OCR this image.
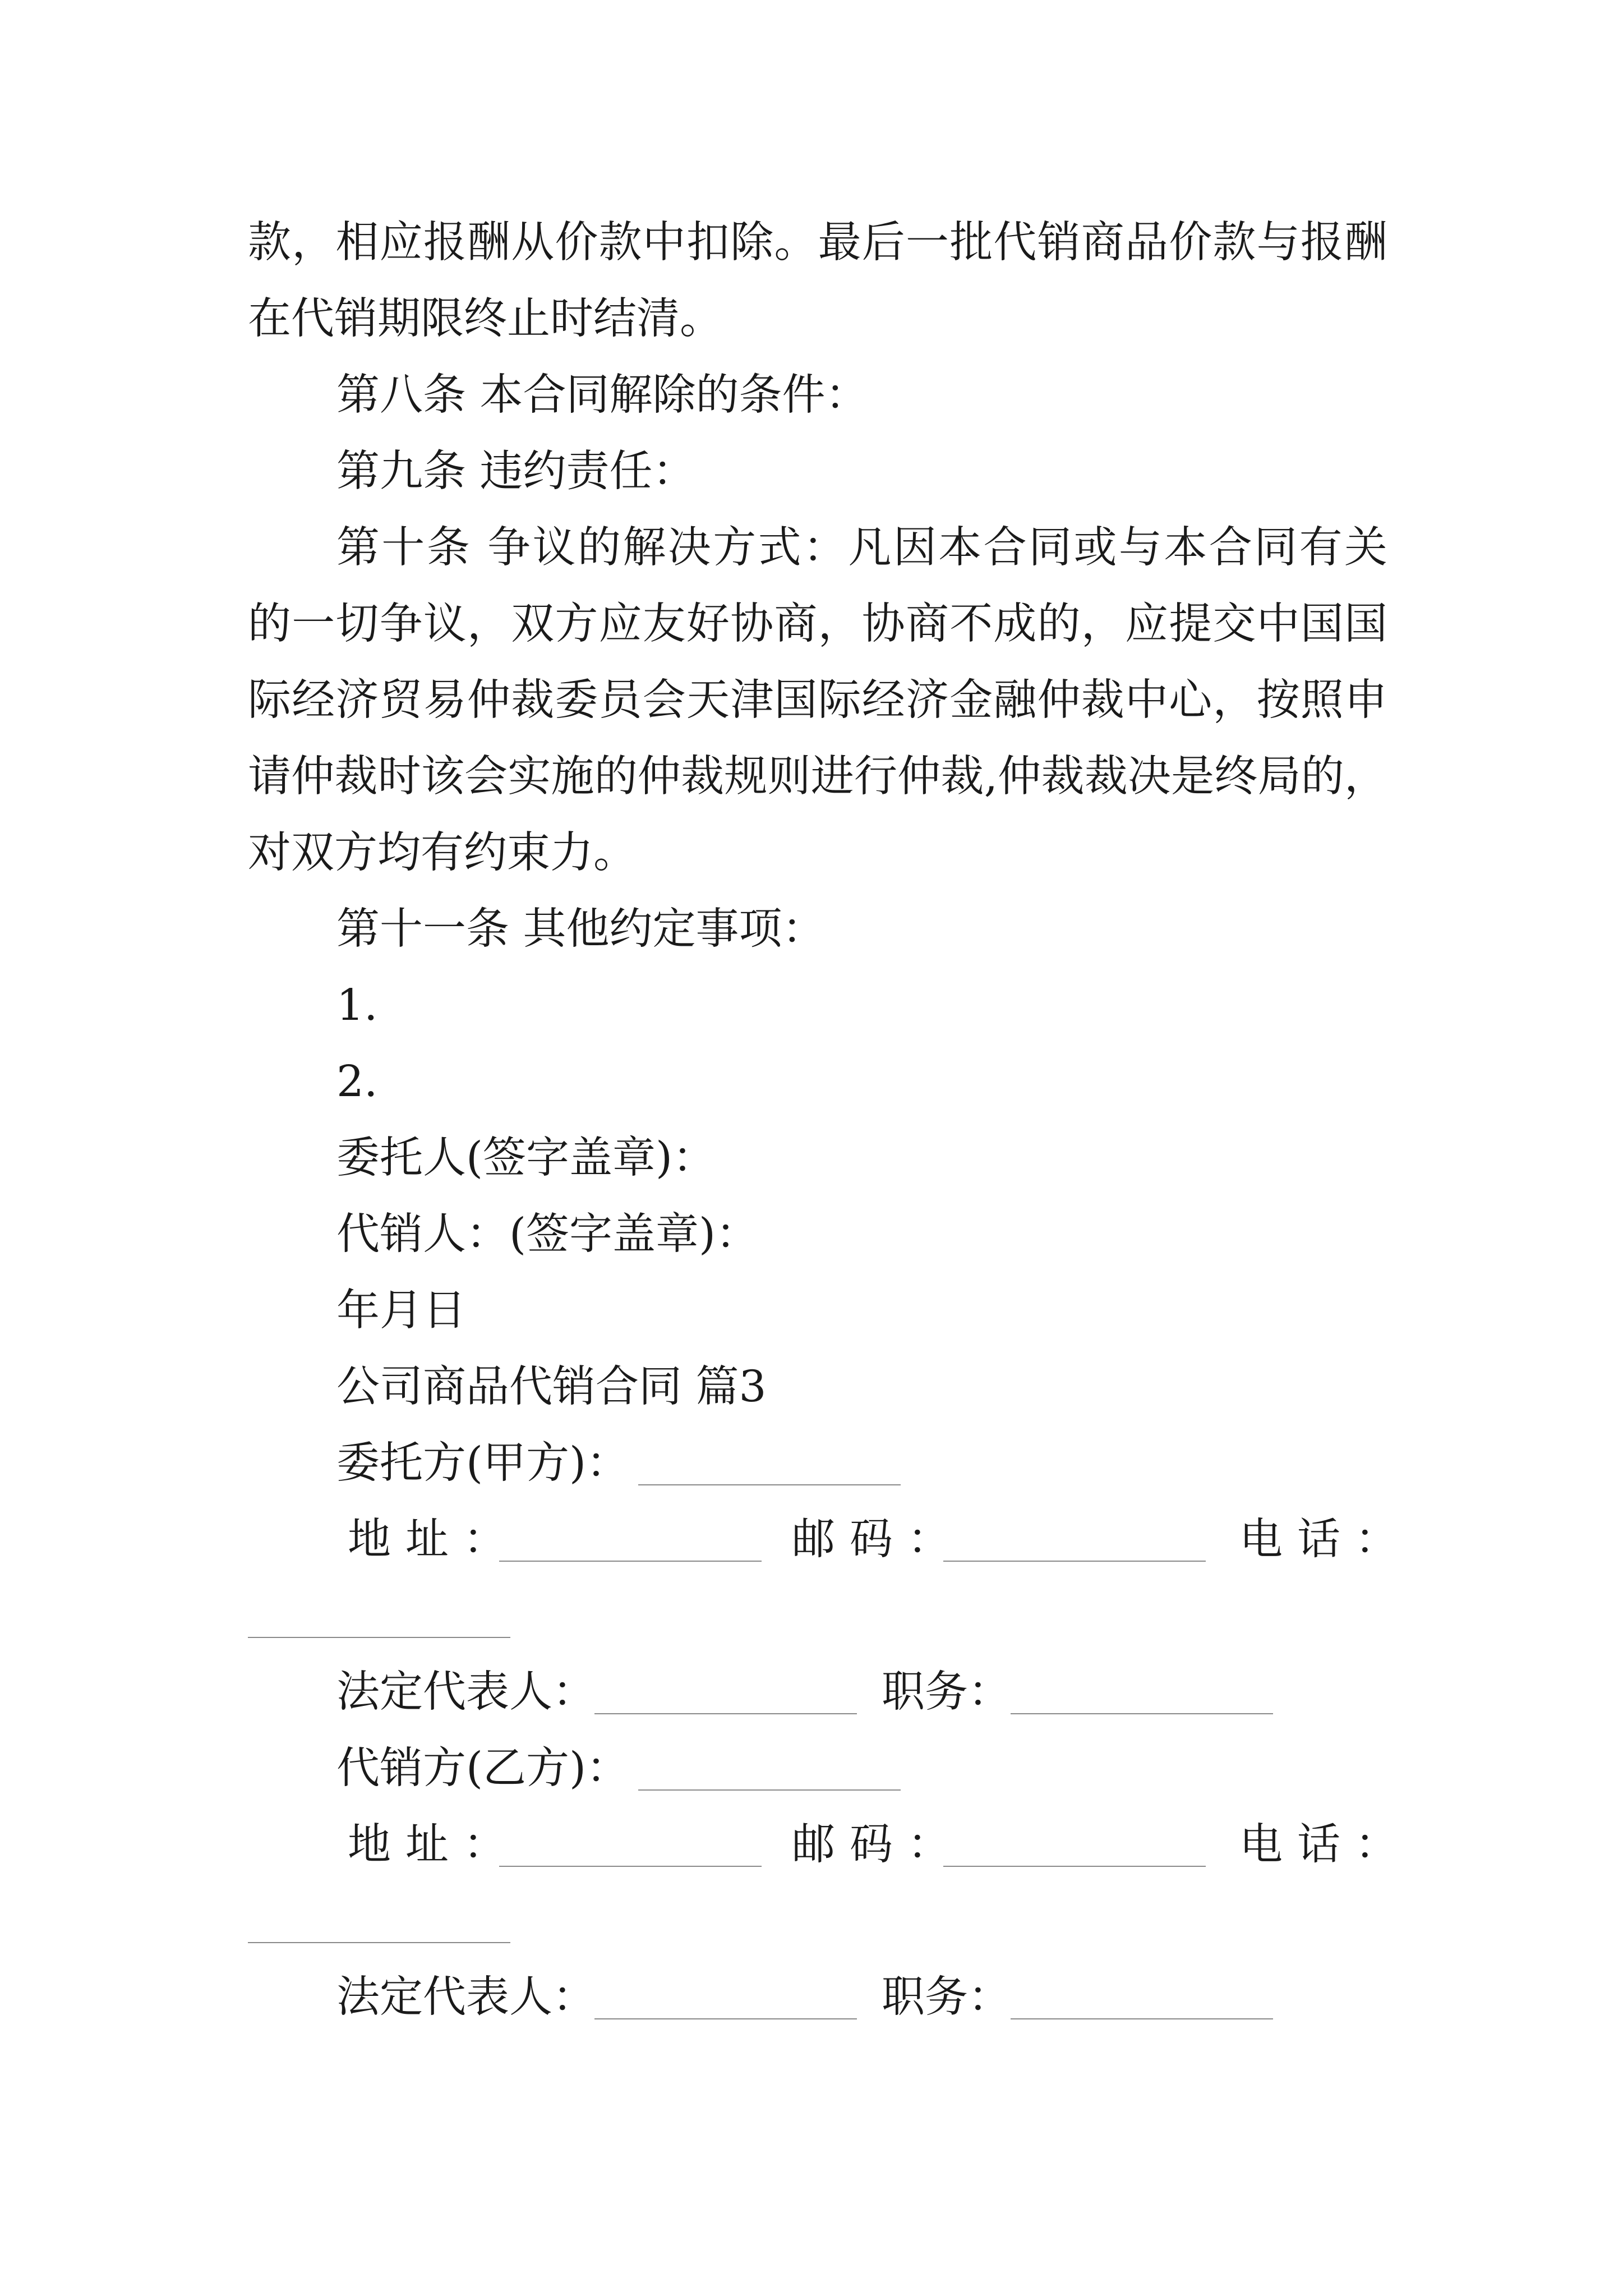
款，相应报酬从价款中扣除。最后一批代销商品价款与报酬

在代销期限终止时结清。

第八条 本合同解除的条件：

第九条 违约责任：

第十条 争议的解决方式：凡因本合同或与本合同有关

的一切争议，双方应友好协商，协商不成的，应提交中国国

际经济贸易仲裁委员会天津国际经济金融仲裁中心，按照申

请仲裁时该会实施的仲裁规则进行仲裁,仲裁裁决是终局的，

对双方均有约束力。

第十一条 其他约定事项：

1.

2.

委托人(签字盖章)：

代销人：(签字盖章)：

年月日

公司商品代销合同 篇3

委托方(甲方)：
地址：	邮码：	电话：
法定代表人：	职务：
代销方(乙方)：
地址：	邮码：	电话：
法定代表人：	职务：
